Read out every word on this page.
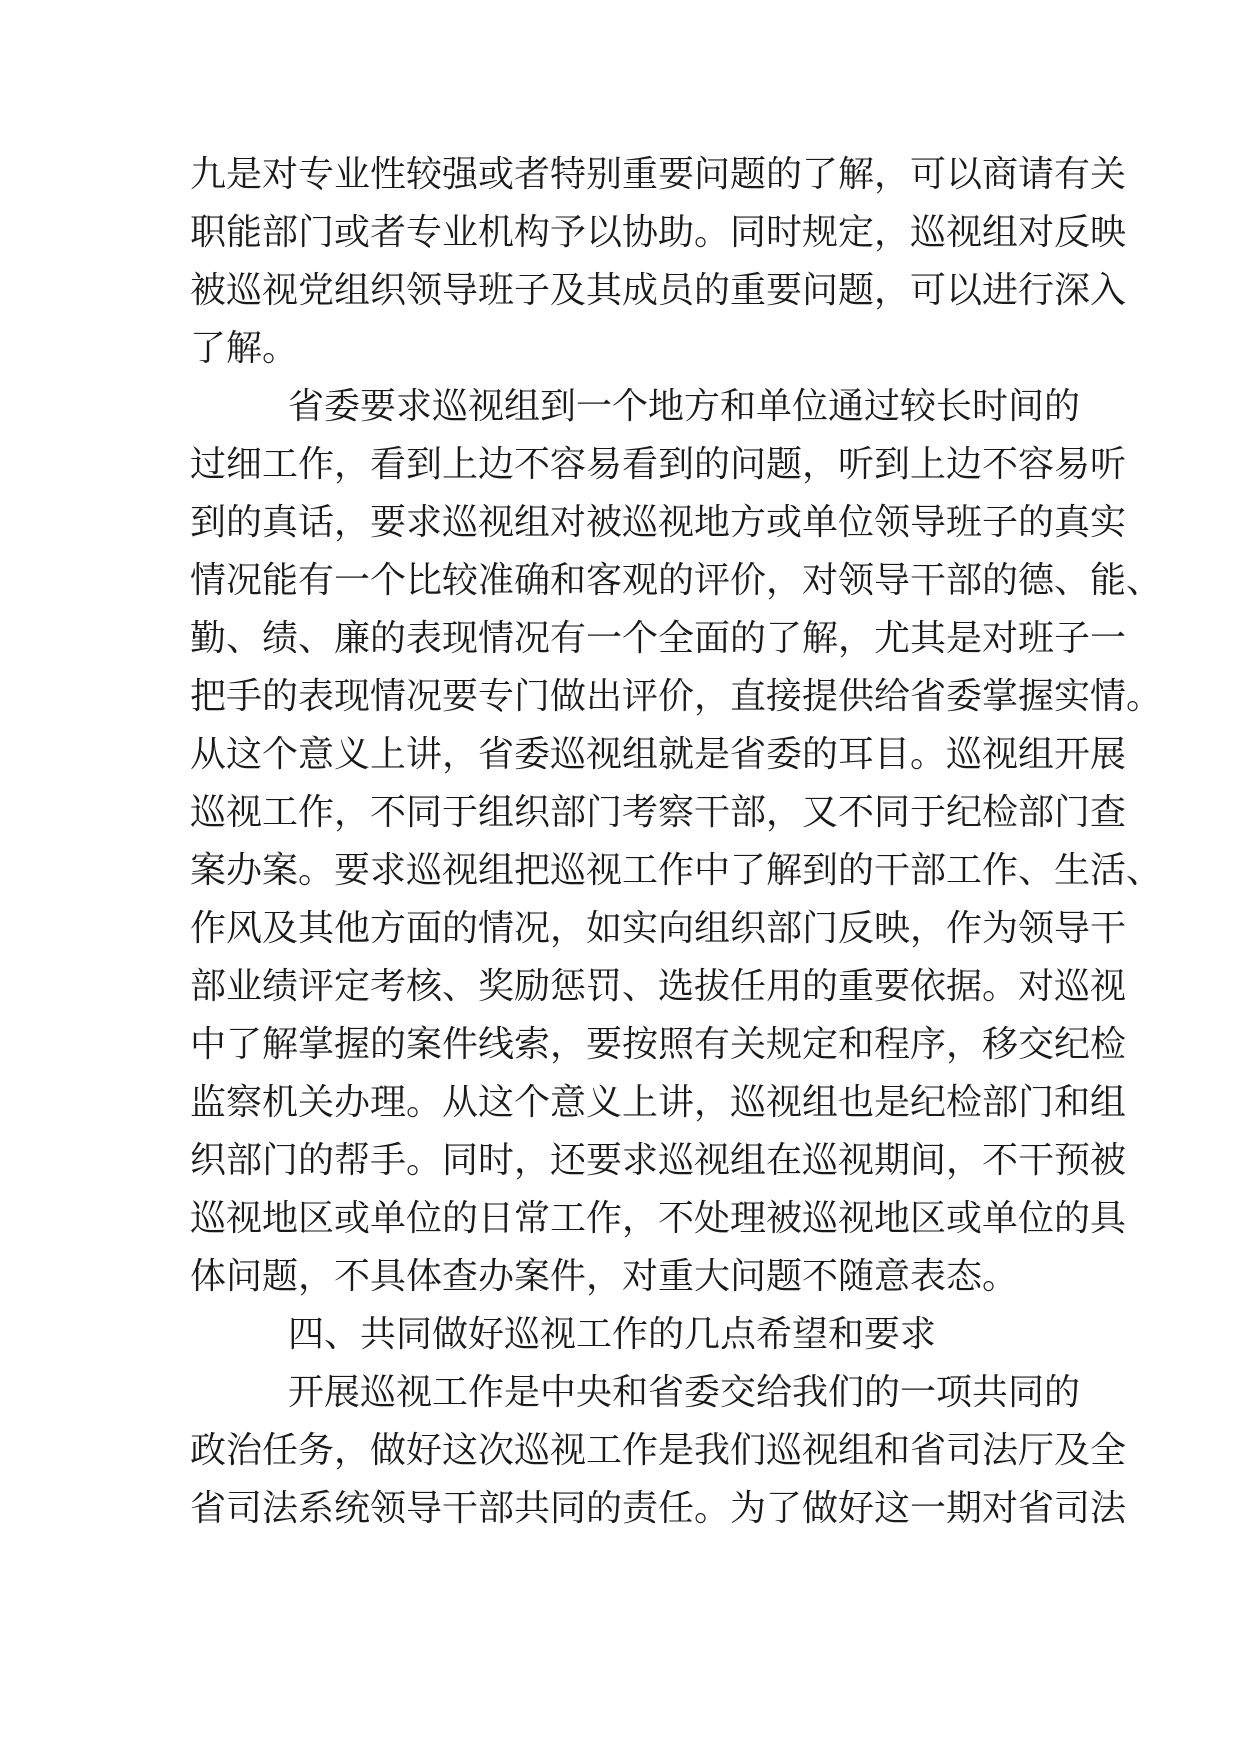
九是对专业性较强或者特别重要问题的了解，可以商请有关
职能部门或者专业机构予以协助。同时规定，巡视组对反映
被巡视党组织领导班子及其成员的重要问题，可以进行深入
了解。
省委要求巡视组到一个地方和单位通过较长时间的
过细工作，看到上边不容易看到的问题，听到上边不容易听
到的真话，要求巡视组对被巡视地方或单位领导班子的真实
情况能有一个比较准确和客观的评价，对领导干部的德、能、
勤、绩、廉的表现情况有一个全面的了解，尤其是对班子一
把手的表现情况要专门做出评价，直接提供给省委掌握实情。
从这个意义上讲，省委巡视组就是省委的耳目。巡视组开展
巡视工作，不同于组织部门考察干部，又不同于纪检部门查
案办案。要求巡视组把巡视工作中了解到的干部工作、生活、
作风及其他方面的情况，如实向组织部门反映，作为领导干
部业绩评定考核、奖励惩罚、选拔任用的重要依据。对巡视
中了解掌握的案件线索，要按照有关规定和程序，移交纪检
监察机关办理。从这个意义上讲，巡视组也是纪检部门和组
织部门的帮手。同时，还要求巡视组在巡视期间，不干预被
巡视地区或单位的日常工作，不处理被巡视地区或单位的具
体问题，不具体查办案件，对重大问题不随意表态。
四、共同做好巡视工作的几点希望和要求
开展巡视工作是中央和省委交给我们的一项共同的
政治任务，做好这次巡视工作是我们巡视组和省司法厅及全
省司法系统领导干部共同的责任。为了做好这一期对省司法
